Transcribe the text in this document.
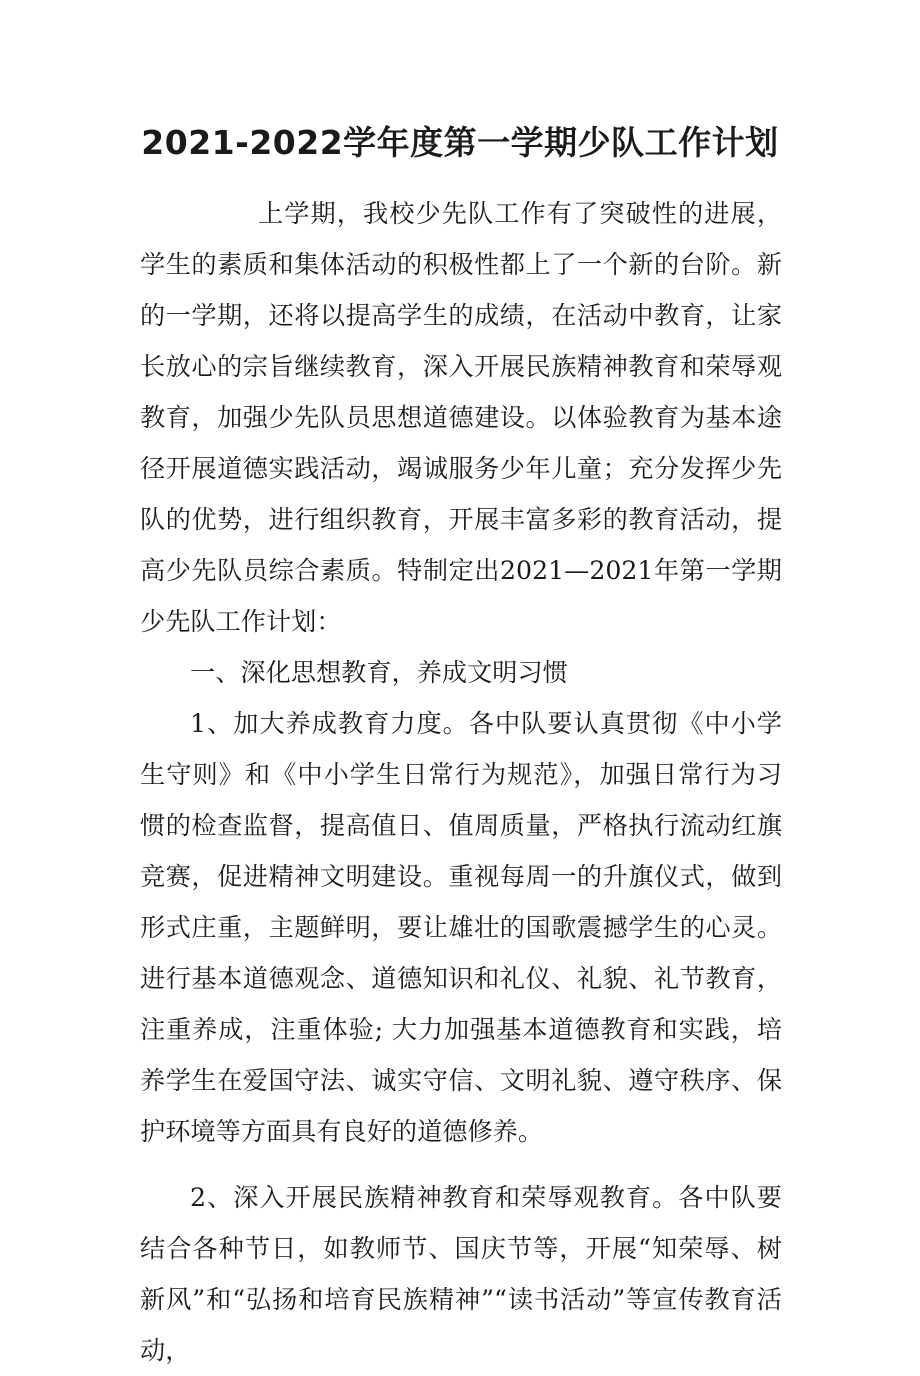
2021-2022学年度第一学期少队工作计划

上学期，我校少先队工作有了突破性的进展，学生的素质和集体活动的积极性都上了一个新的台阶。新的一学期，还将以提高学生的成绩，在活动中教育，让家长放心的宗旨继续教育，深入开展民族精神教育和荣辱观教育，加强少先队员思想道德建设。以体验教育为基本途径开展道德实践活动，竭诚服务少年儿童；充分发挥少先队的优势，进行组织教育，开展丰富多彩的教育活动，提高少先队员综合素质。特制定出2021—2021年第一学期少先队工作计划：

一、深化思想教育，养成文明习惯

1、加大养成教育力度。各中队要认真贯彻《中小学生守则》和《中小学生日常行为规范》，加强日常行为习惯的检查监督，提高值日、值周质量，严格执行流动红旗竞赛，促进精神文明建设。重视每周一的升旗仪式，做到形式庄重，主题鲜明，要让雄壮的国歌震撼学生的心灵。进行基本道德观念、道德知识和礼仪、礼貌、礼节教育，注重养成，注重体验; 大力加强基本道德教育和实践，培养学生在爱国守法、诚实守信、文明礼貌、遵守秩序、保护环境等方面具有良好的道德修养。

2、深入开展民族精神教育和荣辱观教育。各中队要结合各种节日，如教师节、国庆节等，开展“知荣辱、树新风”和“弘扬和培育民族精神”“读书活动”等宣传教育活动，
